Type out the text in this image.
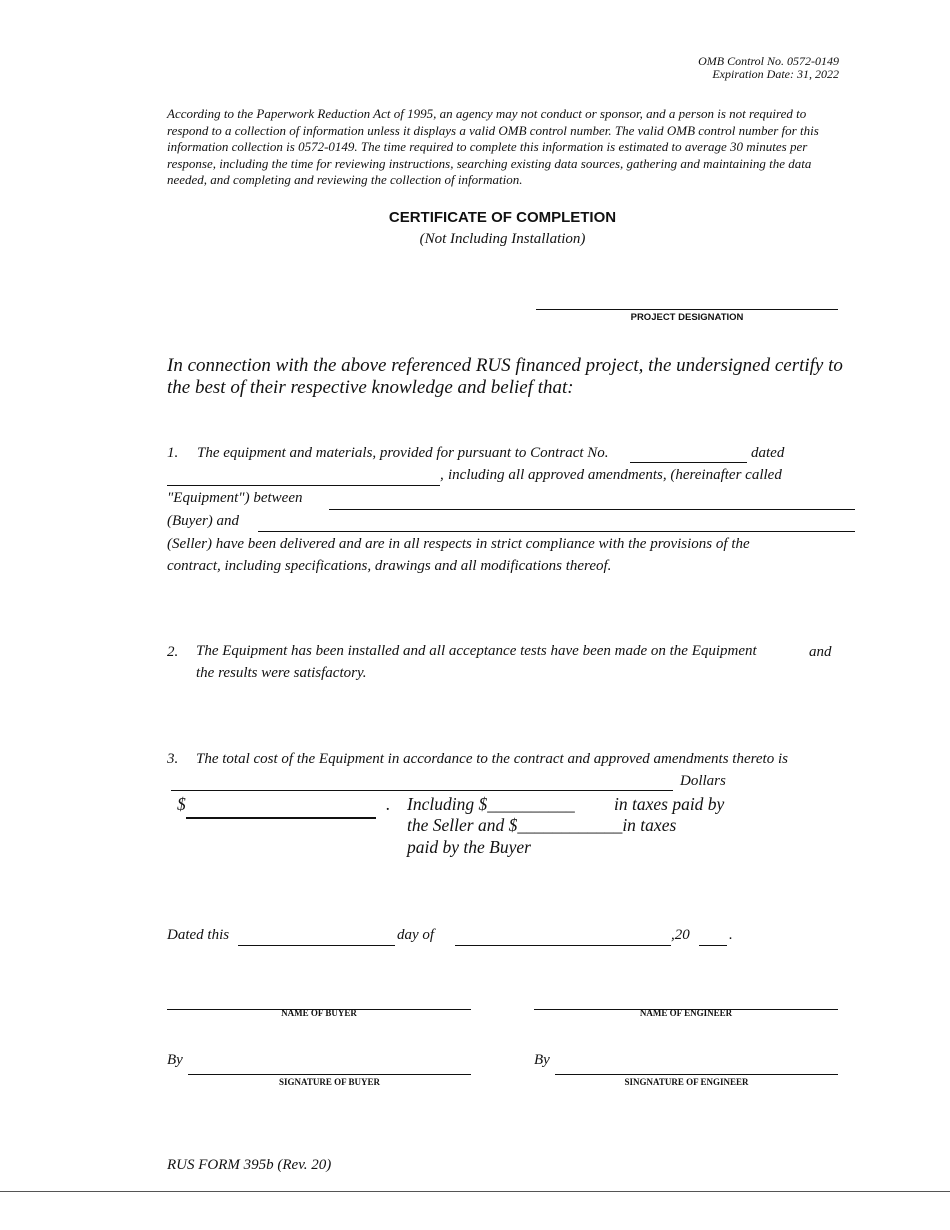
OMB Control No. 0572-0149
Expiration Date: 31, 2022
According to the Paperwork Reduction Act of 1995, an agency may not conduct or sponsor, and a person is not required to respond to a collection of information unless it displays a valid OMB control number. The valid OMB control number for this information collection is 0572-0149. The time required to complete this information is estimated to average 30 minutes per response, including the time for reviewing instructions, searching existing data sources, gathering and maintaining the data needed, and completing and reviewing the collection of information.
CERTIFICATE OF COMPLETION
(Not Including Installation)
PROJECT DESIGNATION
In connection with the above referenced RUS financed project, the undersigned certify to the best of their respective knowledge and belief that:
1. The equipment and materials, provided for pursuant to Contract No.	dated
, including all approved amendments, (hereinafter called
"Equipment") between
(Buyer) and
(Seller) have been delivered and are in all respects in strict compliance with the provisions of the
contract, including specifications, drawings and all modifications thereof.
2. The Equipment has been installed and all acceptance tests have been made on the Equipment	and
the results were satisfactory.
3. The total cost of the Equipment in accordance to the contract and approved amendments thereto is
Dollars
$	. Including $__________ in taxes paid by
the Seller and $____________in taxes
paid by the Buyer
Dated this	day of	,20	.
NAME OF BUYER	NAME OF ENGINEER
By
SIGNATURE OF BUYER
By
SINGNATURE OF ENGINEER
RUS FORM 395b (Rev. 20)
